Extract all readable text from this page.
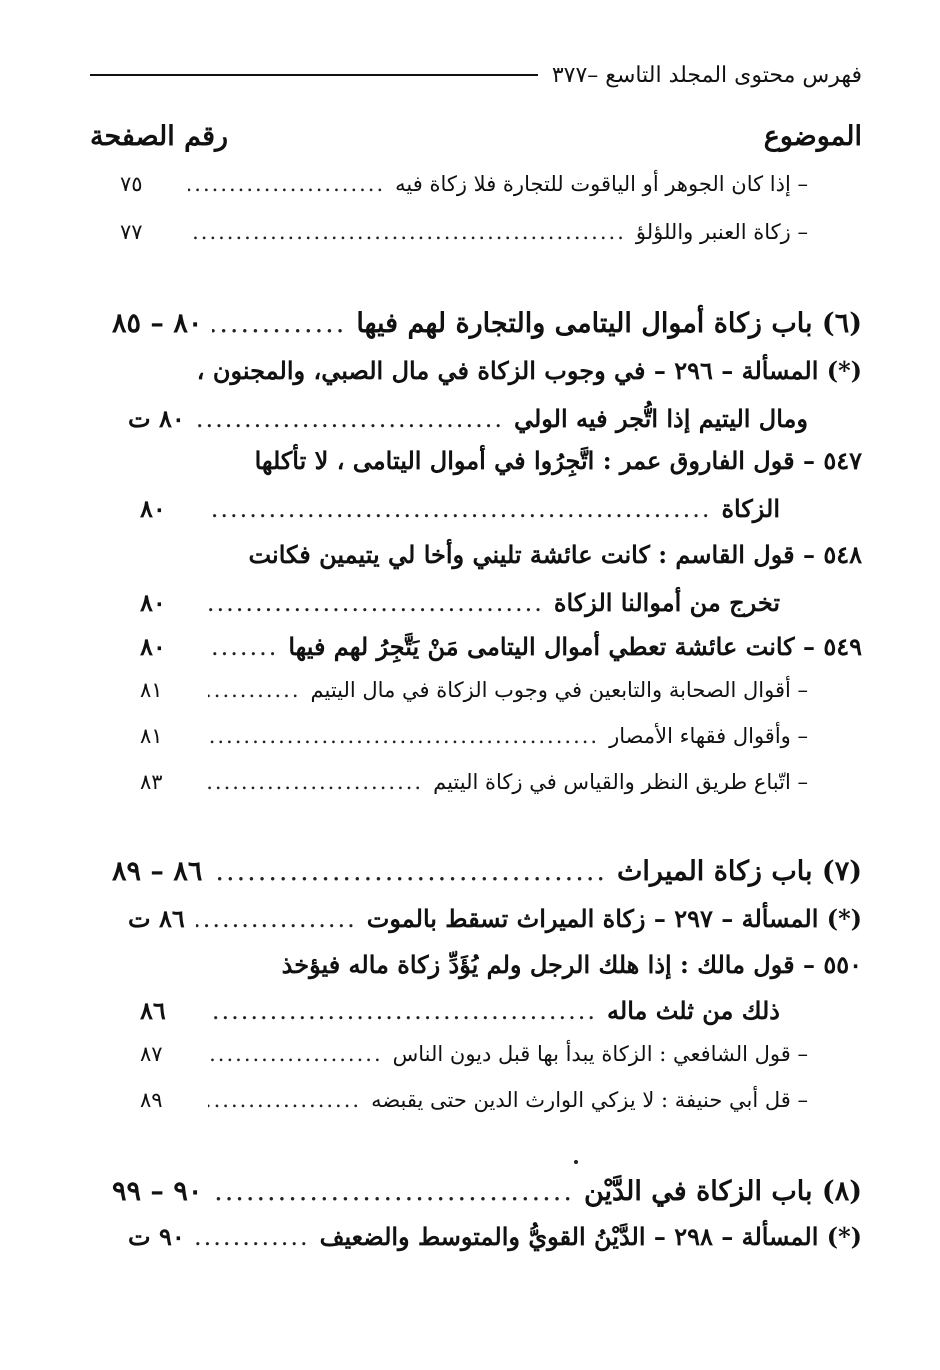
فهرس محتوى المجلد التاسع –٣٧٧
الموضوع
رقم الصفحة
– إذا كان الجوهر أو الياقوت للتجارة فلا زكاة فيه
.....
٧٥
– زكاة العنبر واللؤلؤ
.....
٧٧
(٦) باب زكاة أموال اليتامى والتجارة لهم فيها
.....
٨٠ – ٨٥
(*) المسألة – ٢٩٦ – في وجوب الزكاة في مال الصبي، والمجنون ،
ومال اليتيم إذا اتُّجر فيه الولي
.....
٨٠ ت
٥٤٧ – قول الفاروق عمر : اتَّجِرُوا في أموال اليتامى ، لا تأكلها
الزكاة
.....
٨٠
٥٤٨ – قول القاسم : كانت عائشة تليني وأخا لي يتيمين فكانت
تخرج من أموالنا الزكاة
.....
٨٠
٥٤٩ – كانت عائشة تعطي أموال اليتامى مَنْ يَتَّجِرُ لهم فيها
.....
٨٠
– أقوال الصحابة والتابعين في وجوب الزكاة في مال اليتيم
.....
٨١
– وأقوال فقهاء الأمصار
.....
٨١
– اتّباع طريق النظر والقياس في زكاة اليتيم
.....
٨٣
(٧) باب زكاة الميراث
.....
٨٦ – ٨٩
(*) المسألة – ٢٩٧ – زكاة الميراث تسقط بالموت
.....
٨٦ ت
٥٥٠ – قول مالك : إذا هلك الرجل ولم يُؤَدِّ زكاة ماله فيؤخذ
ذلك من ثلث ماله
.....
٨٦
– قول الشافعي : الزكاة يبدأ بها قبل ديون الناس
.....
٨٧
– قل أبي حنيفة : لا يزكي الوارث الدين حتى يقبضه
.....
٨٩
(٨) باب الزكاة في الدَّيْن
.....
٩٠ – ٩٩
(*) المسألة – ٢٩٨ – الدَّيْنُ القويُّ والمتوسط والضعيف
.....
٩٠ ت
